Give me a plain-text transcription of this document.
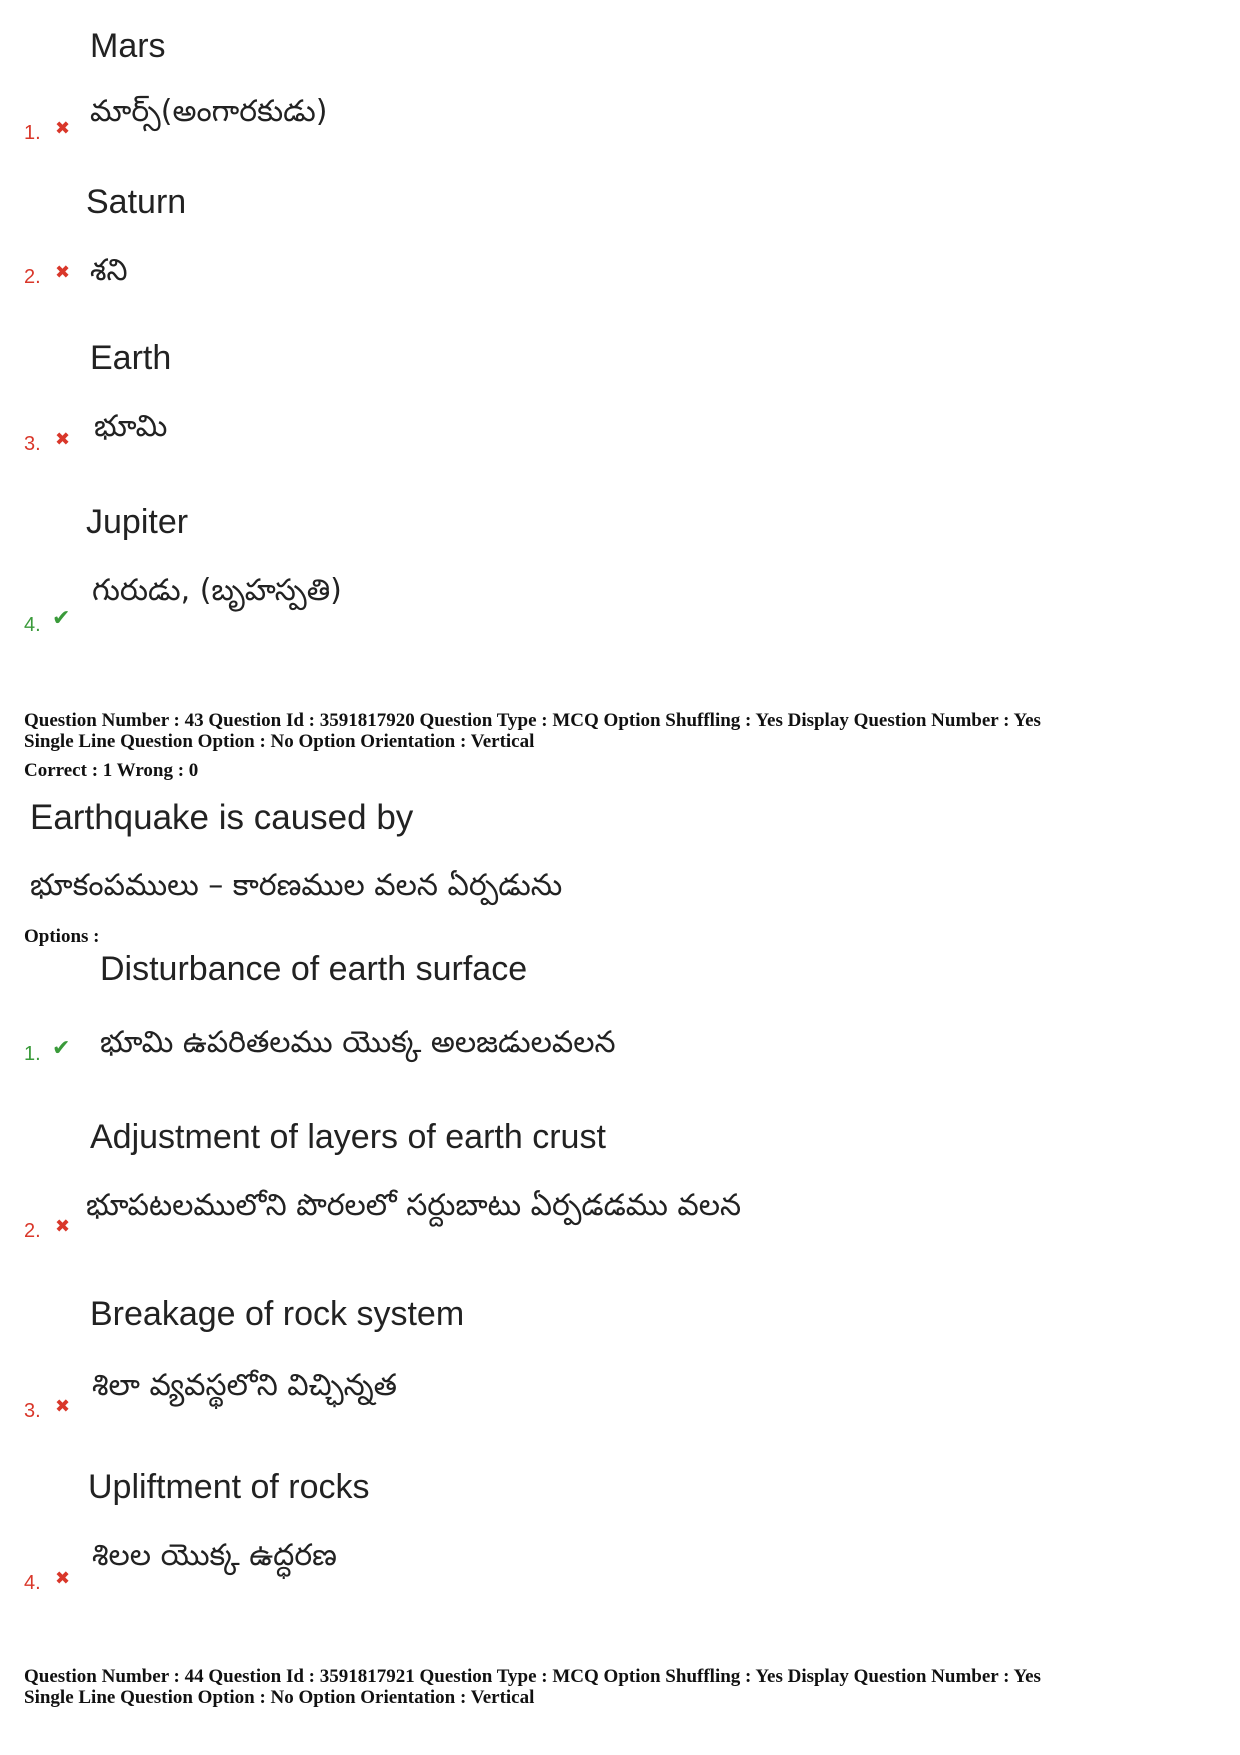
Mars
మార్స్(అంగారకుడు)
1. ✖
Saturn
శని
2. ✖
Earth
భూమి
3. ✖
Jupiter
గురుడు, (బృహస్పతి)
4. ✔
Question Number : 43 Question Id : 3591817920 Question Type : MCQ Option Shuffling : Yes Display Question Number : Yes
Single Line Question Option : No Option Orientation : Vertical
Correct : 1 Wrong : 0
Earthquake is caused by
భూకంపములు – కారణముల వలన ఏర్పడును
Options :
Disturbance of earth surface
భూమి ఉపరితలము యొక్క అలజడులవలన
1. ✔
Adjustment of layers of earth crust
భూపటలములోని పొరలలో సర్దుబాటు ఏర్పడడము వలన
2. ✖
Breakage of rock system
శిలా వ్యవస్థలోని విచ్ఛిన్నత
3. ✖
Upliftment of rocks
శిలల యొక్క ఉద్ధరణ
4. ✖
Question Number : 44 Question Id : 3591817921 Question Type : MCQ Option Shuffling : Yes Display Question Number : Yes
Single Line Question Option : No Option Orientation : Vertical
